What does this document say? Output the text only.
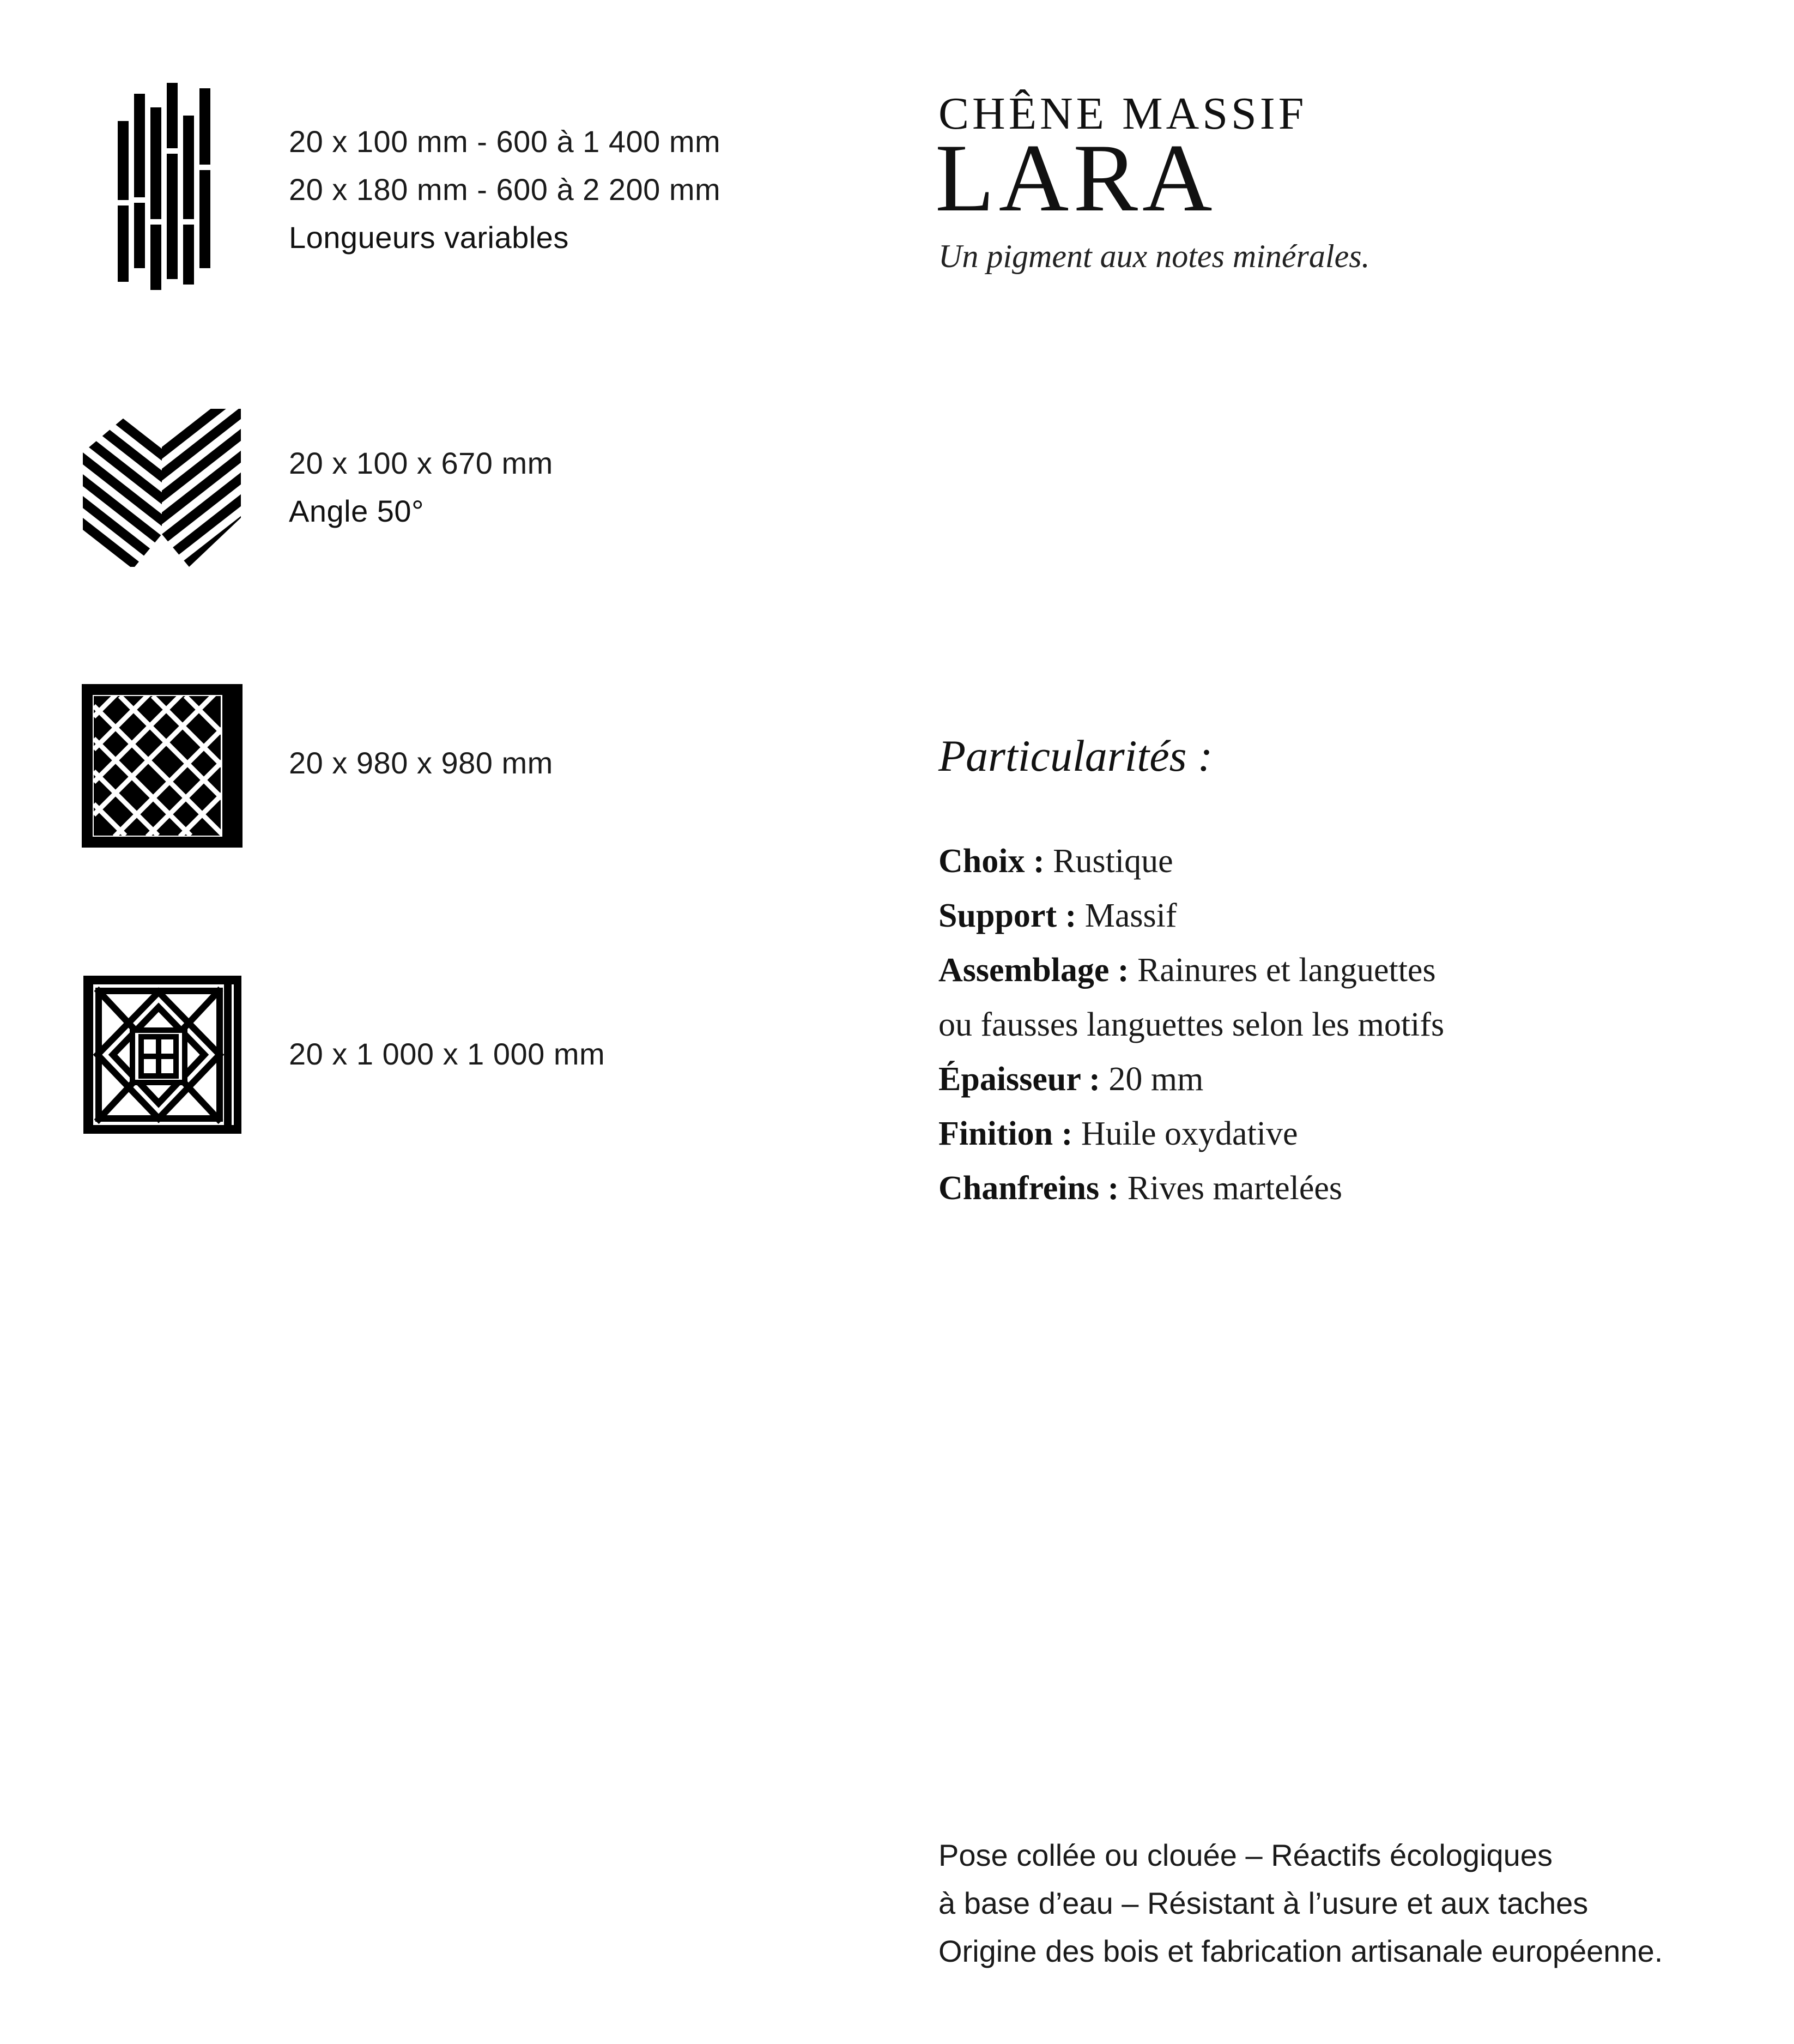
20 x 100 mm - 600 à 1 400 mm
20 x 180 mm - 600 à 2 200 mm
Longueurs variables
20 x 100 x 670 mm
Angle 50°
20 x 980 x 980 mm
20 x 1 000 x 1 000 mm
CHÊNE MASSIF
LARA
Un pigment aux notes minérales.
Particularités :
Choix : Rustique
Support : Massif
Assemblage : Rainures et languettes
ou fausses languettes selon les motifs
Épaisseur : 20 mm
Finition : Huile oxydative
Chanfreins : Rives martelées
Pose collée ou clouée – Réactifs écologiques
à base d’eau – Résistant à l’usure et aux taches
Origine des bois et fabrication artisanale européenne.
